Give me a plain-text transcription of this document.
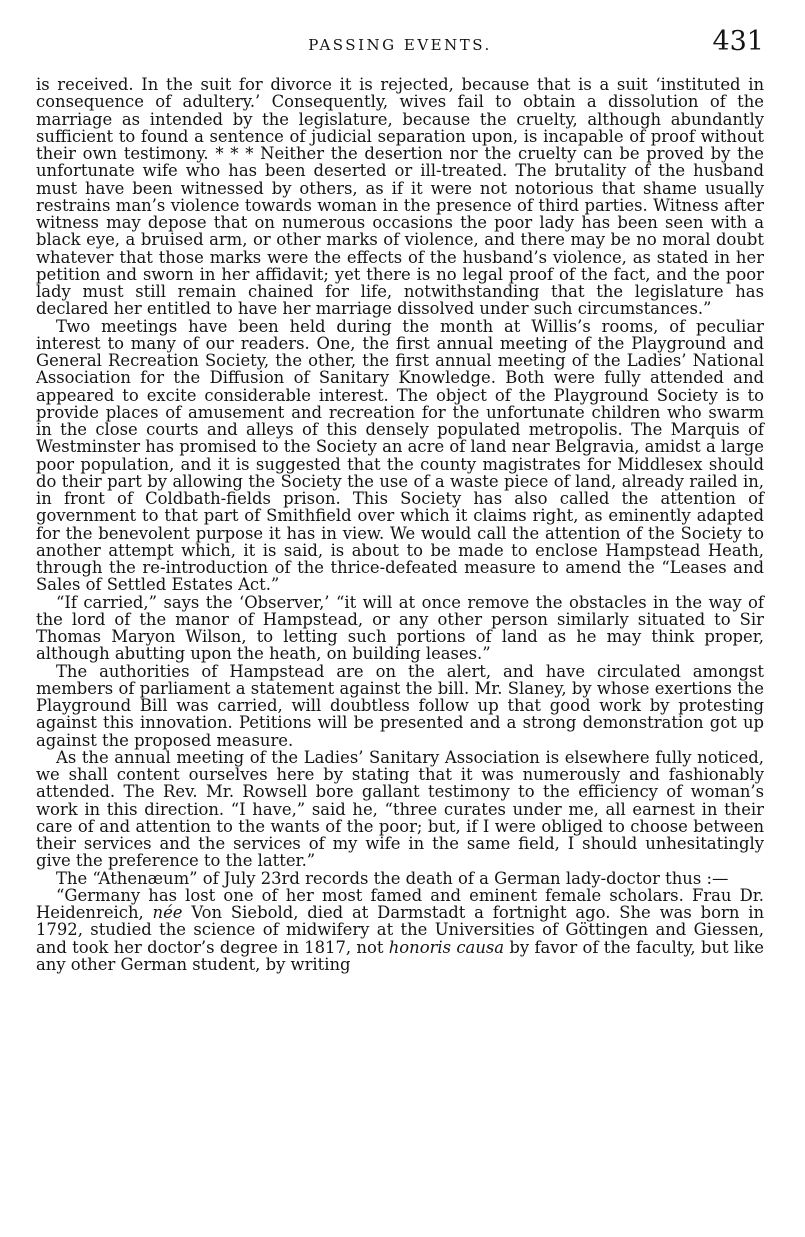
PASSING EVENTS.	431

is received. In the suit for divorce it is rejected, because that is a suit ‘instituted in consequence of adultery.’ Consequently, wives fail to obtain a dissolution of the marriage as intended by the legislature, because the cruelty, although abundantly sufficient to found a sentence of judicial separation upon, is incapable of proof without their own testimony. * * * Neither the desertion nor the cruelty can be proved by the unfortunate wife who has been deserted or ill-treated. The brutality of the husband must have been witnessed by others, as if it were not notorious that shame usually restrains man’s violence towards woman in the presence of third parties. Witness after witness may depose that on numerous occasions the poor lady has been seen with a black eye, a bruised arm, or other marks of violence, and there may be no moral doubt whatever that those marks were the effects of the husband’s violence, as stated in her petition and sworn in her affidavit; yet there is no legal proof of the fact, and the poor lady must still remain chained for life, notwithstanding that the legislature has declared her entitled to have her marriage dissolved under such circumstances.”

Two meetings have been held during the month at Willis’s rooms, of peculiar interest to many of our readers. One, the first annual meeting of the Playground and General Recreation Society, the other, the first annual meeting of the Ladies’ National Association for the Diffusion of Sanitary Knowledge. Both were fully attended and appeared to excite considerable interest. The object of the Playground Society is to provide places of amusement and recreation for the unfortunate children who swarm in the close courts and alleys of this densely populated metropolis. The Marquis of Westminster has promised to the Society an acre of land near Belgravia, amidst a large poor population, and it is suggested that the county magistrates for Middlesex should do their part by allowing the Society the use of a waste piece of land, already railed in, in front of Coldbath-fields prison. This Society has also called the attention of government to that part of Smithfield over which it claims right, as eminently adapted for the benevolent purpose it has in view. We would call the attention of the Society to another attempt which, it is said, is about to be made to enclose Hampstead Heath, through the re-introduction of the thrice-defeated measure to amend the “Leases and Sales of Settled Estates Act.”

“If carried,” says the ‘Observer,’ “it will at once remove the obstacles in the way of the lord of the manor of Hampstead, or any other person similarly situated to Sir Thomas Maryon Wilson, to letting such portions of land as he may think proper, although abutting upon the heath, on building leases.”

The authorities of Hampstead are on the alert, and have circulated amongst members of parliament a statement against the bill. Mr. Slaney, by whose exertions the Playground Bill was carried, will doubtless follow up that good work by protesting against this innovation. Petitions will be presented and a strong demonstration got up against the proposed measure.

As the annual meeting of the Ladies’ Sanitary Association is elsewhere fully noticed, we shall content ourselves here by stating that it was numerously and fashionably attended. The Rev. Mr. Rowsell bore gallant testimony to the efficiency of woman’s work in this direction. “I have,” said he, “three curates under me, all earnest in their care of and attention to the wants of the poor; but, if I were obliged to choose between their services and the services of my wife in the same field, I should unhesitatingly give the preference to the latter.”

The “Athenæum” of July 23rd records the death of a German lady-doctor thus :—

“Germany has lost one of her most famed and eminent female scholars. Frau Dr. Heidenreich, née Von Siebold, died at Darmstadt a fortnight ago. She was born in 1792, studied the science of midwifery at the Universities of Göttingen and Giessen, and took her doctor’s degree in 1817, not honoris causa by favor of the faculty, but like any other German student, by writing
